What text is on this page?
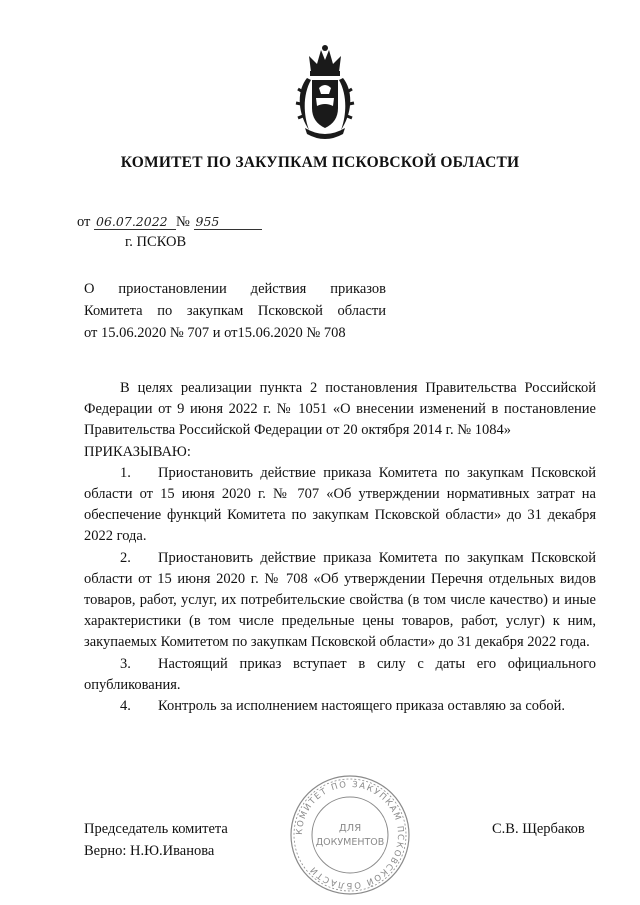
КОМИТЕТ ПО ЗАКУПКАМ ПСКОВСКОЙ ОБЛАСТИ
от 06.07.2022 № 955
г. ПСКОВ
О приостановлении действия приказов
Комитета по закупкам Псковской области
от 15.06.2020 № 707 и от15.06.2020 № 708

В целях реализации пункта 2 постановления Правительства Российской Федерации от 9 июня 2022 г. № 1051 «О внесении изменений в постановление Правительства Российской Федерации от 20 октября 2014 г. № 1084»

ПРИКАЗЫВАЮ:

1. Приостановить действие приказа Комитета по закупкам Псковской области от 15 июня 2020 г. № 707 «Об утверждении нормативных затрат на обеспечение функций Комитета по закупкам Псковской области» до 31 декабря 2022 года.

2. Приостановить действие приказа Комитета по закупкам Псковской области от 15 июня 2020 г. № 708 «Об утверждении Перечня отдельных видов товаров, работ, услуг, их потребительские свойства (в том числе качество) и иные характеристики (в том числе предельные цены товаров, работ, услуг) к ним, закупаемых Комитетом по закупкам Псковской области» до 31 декабря 2022 года.

3. Настоящий приказ вступает в силу с даты его официального опубликования.

4. Контроль за исполнением настоящего приказа оставляю за собой.

КОМИТЕТ ПО ЗАКУПКАМ ПСКОВСКОЙ ОБЛАСТИ
ДЛЯ
ДОКУМЕНТОВ
Председатель комитета
Верно: Н.Ю.Иванова
С.В. Щербаков
